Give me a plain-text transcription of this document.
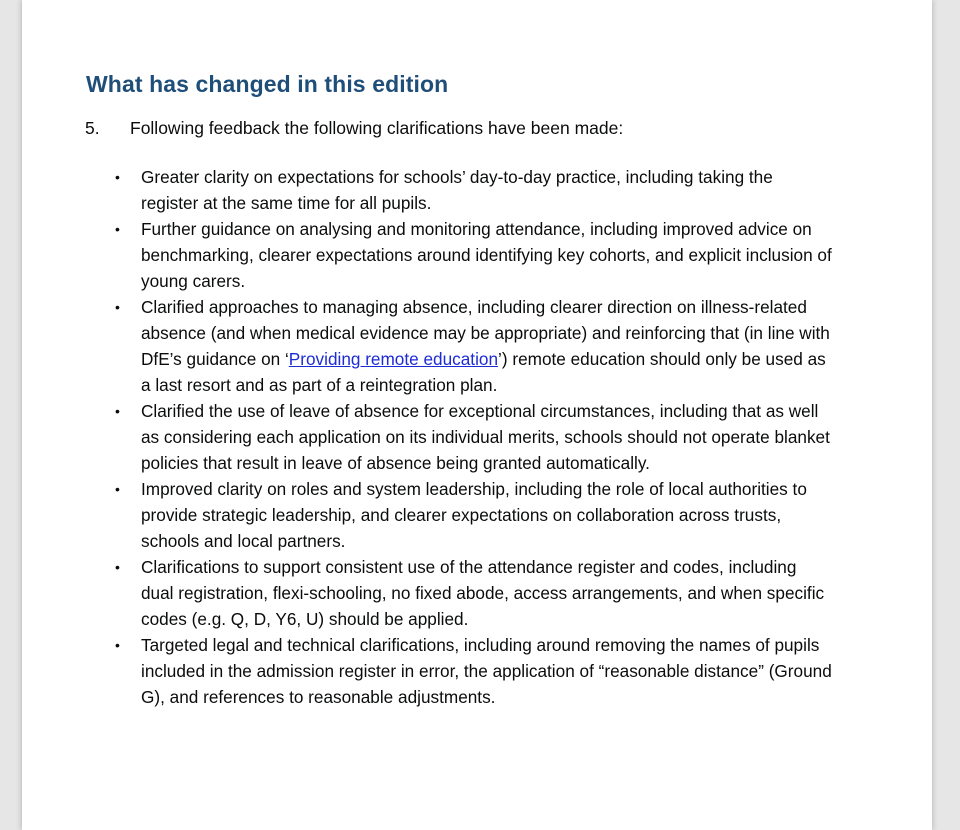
What has changed in this edition

5. Following feedback the following clarifications have been made:

• Greater clarity on expectations for schools’ day-to-day practice, including taking the register at the same time for all pupils.
• Further guidance on analysing and monitoring attendance, including improved advice on benchmarking, clearer expectations around identifying key cohorts, and explicit inclusion of young carers.
• Clarified approaches to managing absence, including clearer direction on illness-related absence (and when medical evidence may be appropriate) and reinforcing that (in line with DfE’s guidance on ‘Providing remote education’) remote education should only be used as a last resort and as part of a reintegration plan.
• Clarified the use of leave of absence for exceptional circumstances, including that as well as considering each application on its individual merits, schools should not operate blanket policies that result in leave of absence being granted automatically.
• Improved clarity on roles and system leadership, including the role of local authorities to provide strategic leadership, and clearer expectations on collaboration across trusts, schools and local partners.
• Clarifications to support consistent use of the attendance register and codes, including dual registration, flexi-schooling, no fixed abode, access arrangements, and when specific codes (e.g. Q, D, Y6, U) should be applied.
• Targeted legal and technical clarifications, including around removing the names of pupils included in the admission register in error, the application of “reasonable distance” (Ground G), and references to reasonable adjustments.
